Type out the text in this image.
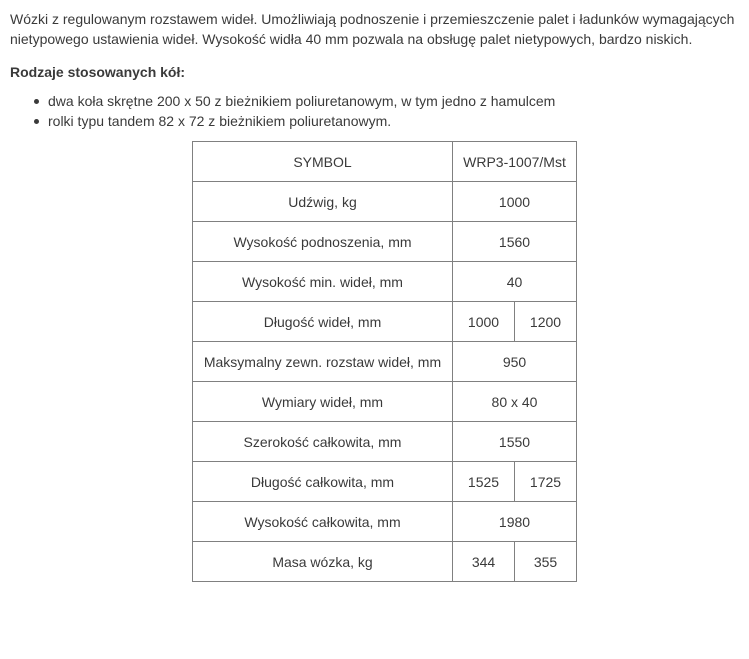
Wózki z regulowanym rozstawem wideł. Umożliwiają podnoszenie i przemieszczenie palet i ładunków wymagających nietypowego ustawienia wideł. Wysokość widła 40 mm pozwala na obsługę palet nietypowych, bardzo niskich.

Rodzaje stosowanych kół:

dwa koła skrętne 200 x 50 z bieżnikiem poliuretanowym, w tym jedno z hamulcem
rolki typu tandem 82 x 72 z bieżnikiem poliuretanowym.
SYMBOL	WRP3-1007/Mst	
Udźwig, kg	1000	
Wysokość podnoszenia, mm	1560	
Wysokość min. wideł, mm	40	
Długość wideł, mm	1000	1200
Maksymalny zewn. rozstaw wideł, mm	950	
Wymiary wideł, mm	80 x 40	
Szerokość całkowita, mm	1550	
Długość całkowita, mm	1525	1725
Wysokość całkowita, mm	1980	
Masa wózka, kg	344	355
